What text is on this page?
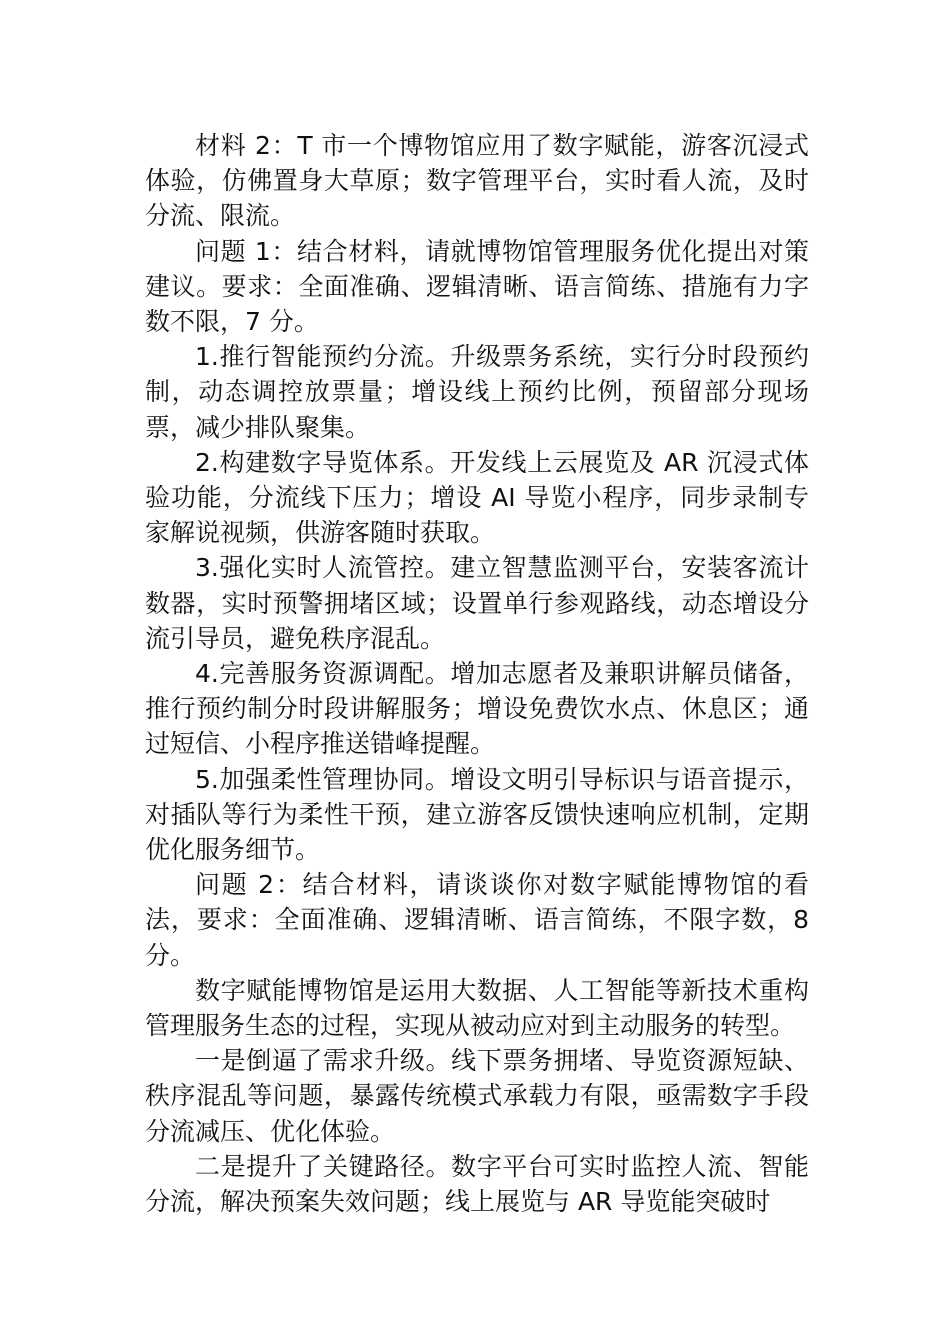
材料 2：T 市一个博物馆应用了数字赋能，游客沉浸式体验，仿佛置身大草原；数字管理平台，实时看人流，及时分流、限流。

问题 1：结合材料，请就博物馆管理服务优化提出对策建议。要求：全面准确、逻辑清晰、语言简练、措施有力字数不限，7 分。

1.推行智能预约分流。升级票务系统，实行分时段预约制，动态调控放票量；增设线上预约比例，预留部分现场票，减少排队聚集。

2.构建数字导览体系。开发线上云展览及 AR 沉浸式体验功能，分流线下压力；增设 AI 导览小程序，同步录制专家解说视频，供游客随时获取。

3.强化实时人流管控。建立智慧监测平台，安装客流计数器，实时预警拥堵区域；设置单行参观路线，动态增设分流引导员，避免秩序混乱。

4.完善服务资源调配。增加志愿者及兼职讲解员储备，推行预约制分时段讲解服务；增设免费饮水点、休息区；通过短信、小程序推送错峰提醒。

5.加强柔性管理协同。增设文明引导标识与语音提示，对插队等行为柔性干预，建立游客反馈快速响应机制，定期优化服务细节。

问题 2：结合材料，请谈谈你对数字赋能博物馆的看法，要求：全面准确、逻辑清晰、语言简练，不限字数，8 分。

数字赋能博物馆是运用大数据、人工智能等新技术重构管理服务生态的过程，实现从被动应对到主动服务的转型。

一是倒逼了需求升级。线下票务拥堵、导览资源短缺、秩序混乱等问题，暴露传统模式承载力有限，亟需数字手段分流减压、优化体验。

二是提升了关键路径。数字平台可实时监控人流、智能分流，解决预案失效问题；线上展览与 AR 导览能突破时
